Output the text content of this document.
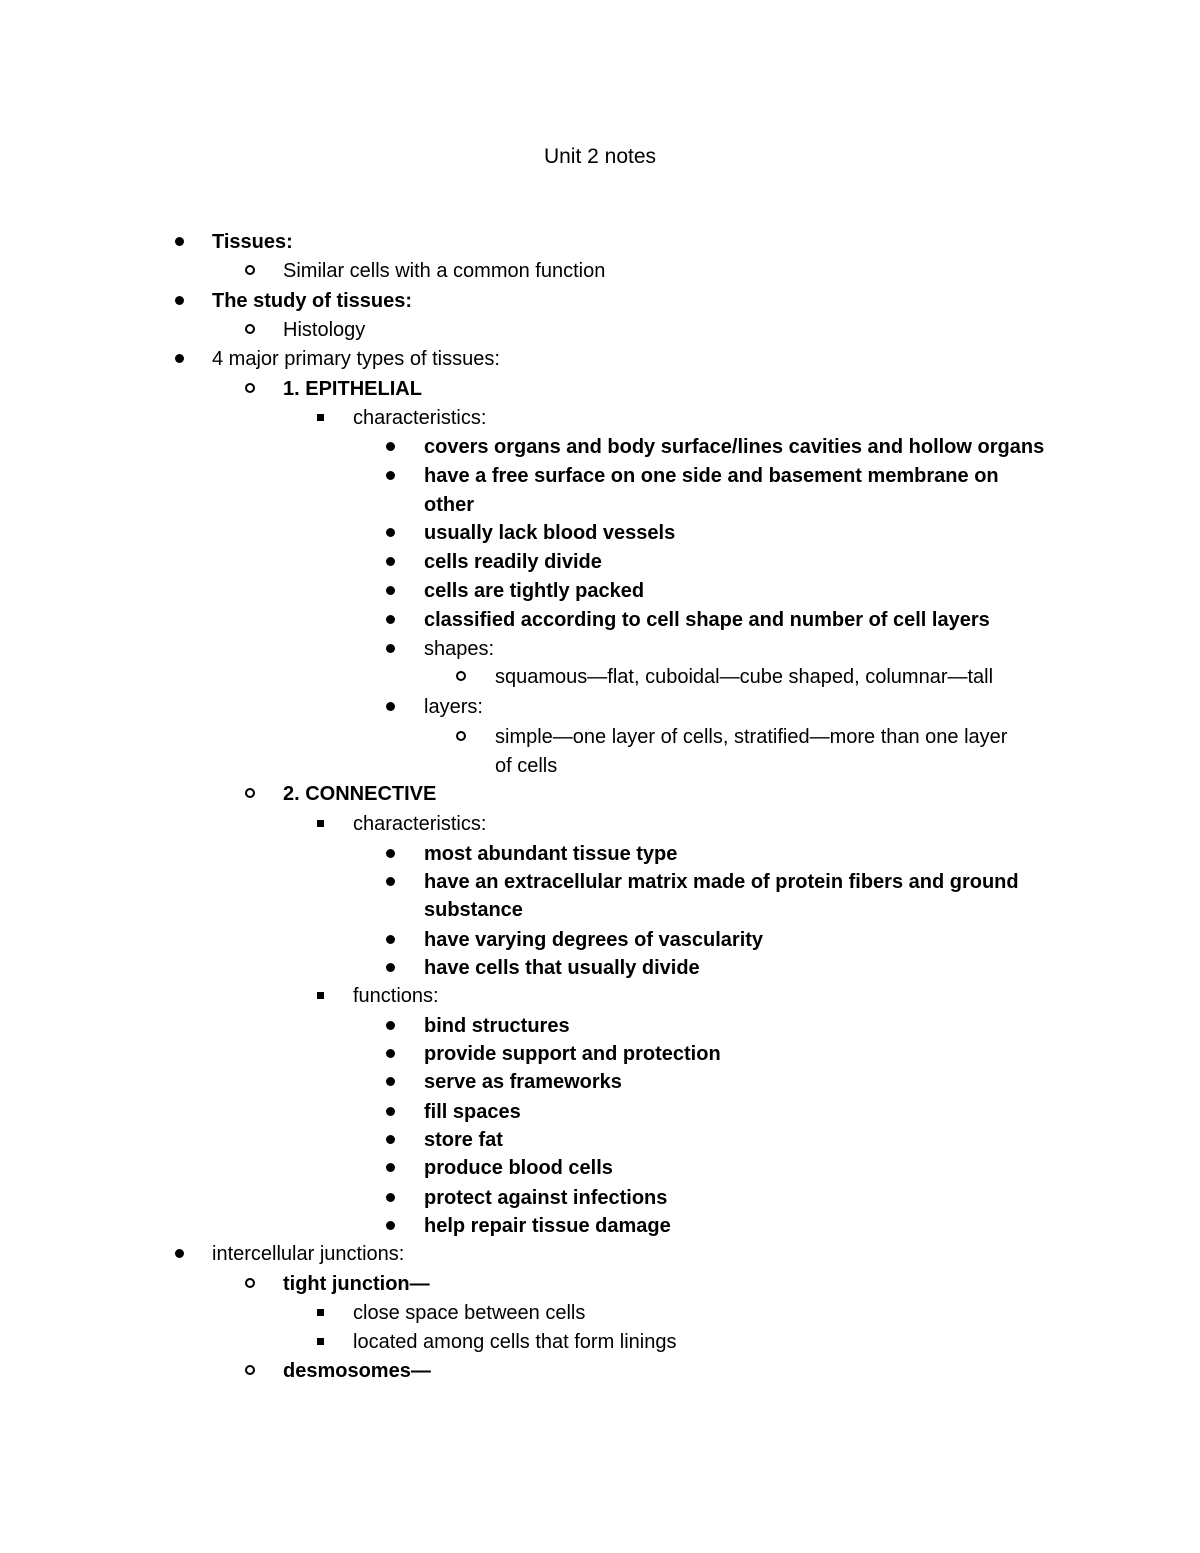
Unit 2 notes
Tissues:
Similar cells with a common function
The study of tissues:
Histology
4 major primary types of tissues:
1. EPITHELIAL
characteristics:
covers organs and body surface/lines cavities and hollow organs
have a free surface on one side and basement membrane on
other
usually lack blood vessels
cells readily divide
cells are tightly packed
classified according to cell shape and number of cell layers
shapes:
squamous—flat, cuboidal—cube shaped, columnar—tall
layers:
simple—one layer of cells, stratified—more than one layer
of cells
2. CONNECTIVE
characteristics:
most abundant tissue type
have an extracellular matrix made of protein fibers and ground
substance
have varying degrees of vascularity
have cells that usually divide
functions:
bind structures
provide support and protection
serve as frameworks
fill spaces
store fat
produce blood cells
protect against infections
help repair tissue damage
intercellular junctions:
tight junction—
close space between cells
located among cells that form linings
desmosomes—
